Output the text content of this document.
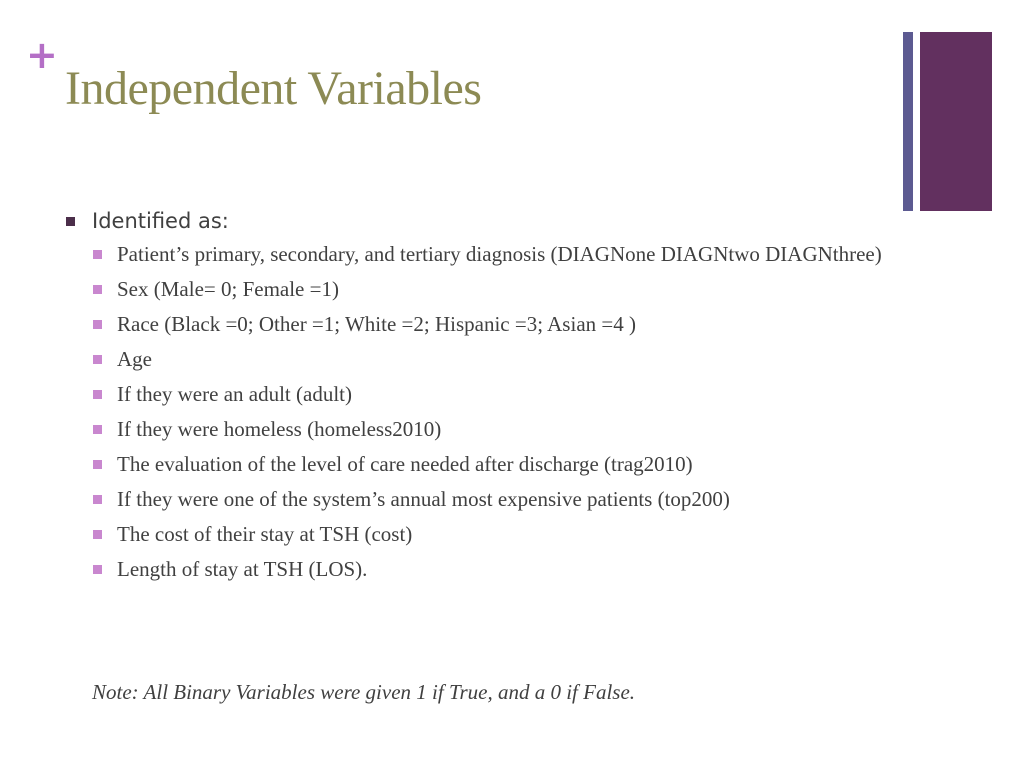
+
Independent Variables
Identified as:
Patient’s primary, secondary, and tertiary diagnosis (DIAGNone DIAGNtwo DIAGNthree)
Sex (Male= 0; Female =1)
Race (Black =0; Other =1; White =2; Hispanic =3; Asian =4 )
Age
If they were an adult (adult)
If they were homeless (homeless2010)
The evaluation of the level of care needed after discharge (trag2010)
If they were one of the system’s annual most expensive patients (top200)
The cost of their stay at TSH (cost)
Length of stay at TSH (LOS).

Note: All Binary Variables were given 1 if True, and a 0 if False.
